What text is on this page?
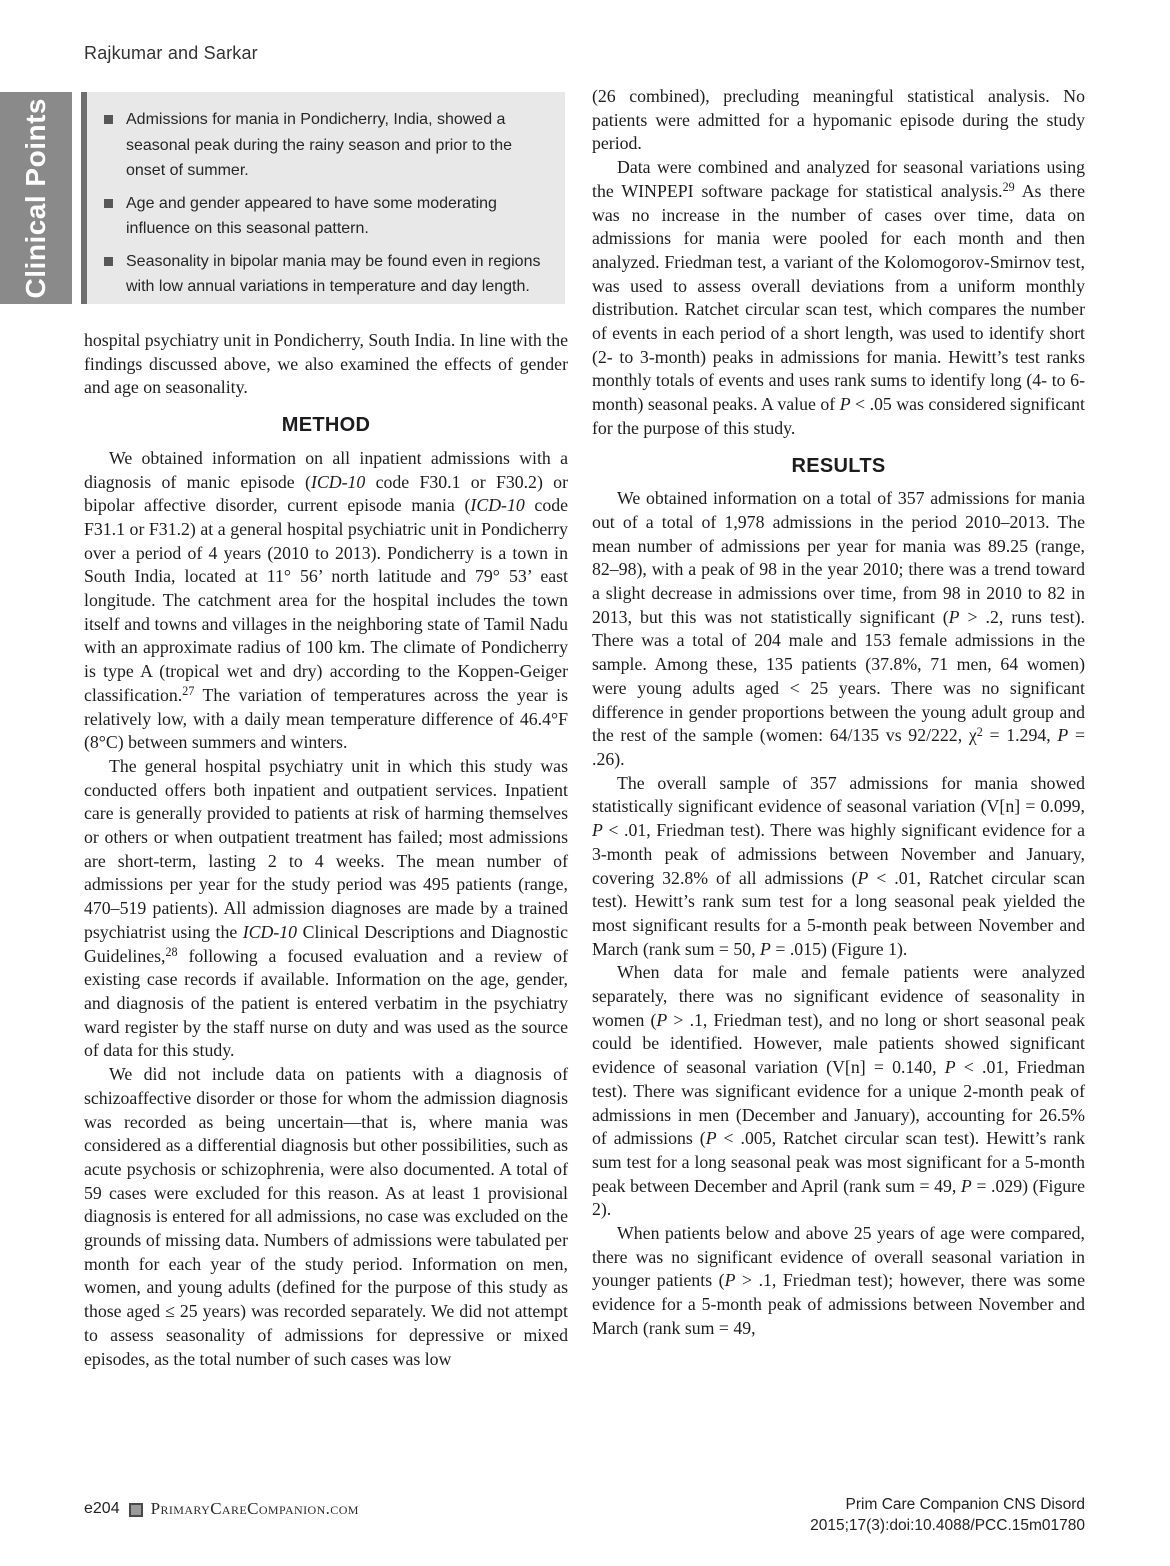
Rajkumar and Sarkar
Clinical Points	Admissions for mania in Pondicherry, India, showed a seasonal peak during the rainy season and prior to the onset of summer.
Age and gender appeared to have some moderating influence on this seasonal pattern.
Seasonality in bipolar mania may be found even in regions with low annual variations in temperature and day length.

hospital psychiatry unit in Pondicherry, South India. In line with the findings discussed above, we also examined the effects of gender and age on seasonality.

METHOD

We obtained information on all inpatient admissions with a diagnosis of manic episode (ICD-10 code F30.1 or F30.2) or bipolar affective disorder, current episode mania (ICD-10 code F31.1 or F31.2) at a general hospital psychiatric unit in Pondicherry over a period of 4 years (2010 to 2013). Pondicherry is a town in South India, located at 11° 56’ north latitude and 79° 53’ east longitude. The catchment area for the hospital includes the town itself and towns and villages in the neighboring state of Tamil Nadu with an approximate radius of 100 km. The climate of Pondicherry is type A (tropical wet and dry) according to the Koppen-Geiger classification.$^{27}$ The variation of temperatures across the year is relatively low, with a daily mean temperature difference of 46.4°F (8°C) between summers and winters.

The general hospital psychiatry unit in which this study was conducted offers both inpatient and outpatient services. Inpatient care is generally provided to patients at risk of harming themselves or others or when outpatient treatment has failed; most admissions are short-term, lasting 2 to 4 weeks. The mean number of admissions per year for the study period was 495 patients (range, 470–519 patients). All admission diagnoses are made by a trained psychiatrist using the ICD-10 Clinical Descriptions and Diagnostic Guidelines,$^{28}$ following a focused evaluation and a review of existing case records if available. Information on the age, gender, and diagnosis of the patient is entered verbatim in the psychiatry ward register by the staff nurse on duty and was used as the source of data for this study.

We did not include data on patients with a diagnosis of schizoaffective disorder or those for whom the admission diagnosis was recorded as being uncertain—that is, where mania was considered as a differential diagnosis but other possibilities, such as acute psychosis or schizophrenia, were also documented. A total of 59 cases were excluded for this reason. As at least 1 provisional diagnosis is entered for all admissions, no case was excluded on the grounds of missing data. Numbers of admissions were tabulated per month for each year of the study period. Information on men, women, and young adults (defined for the purpose of this study as those aged ≤ 25 years) was recorded separately. We did not attempt to assess seasonality of admissions for depressive or mixed episodes, as the total number of such cases was low

(26 combined), precluding meaningful statistical analysis. No patients were admitted for a hypomanic episode during the study period.

Data were combined and analyzed for seasonal variations using the WINPEPI software package for statistical analysis.$^{29}$ As there was no increase in the number of cases over time, data on admissions for mania were pooled for each month and then analyzed. Friedman test, a variant of the Kolomogorov-Smirnov test, was used to assess overall deviations from a uniform monthly distribution. Ratchet circular scan test, which compares the number of events in each period of a short length, was used to identify short (2- to 3-month) peaks in admissions for mania. Hewitt’s test ranks monthly totals of events and uses rank sums to identify long (4- to 6-month) seasonal peaks. A value of P < .05 was considered significant for the purpose of this study.

RESULTS

We obtained information on a total of 357 admissions for mania out of a total of 1,978 admissions in the period 2010–2013. The mean number of admissions per year for mania was 89.25 (range, 82–98), with a peak of 98 in the year 2010; there was a trend toward a slight decrease in admissions over time, from 98 in 2010 to 82 in 2013, but this was not statistically significant (P > .2, runs test). There was a total of 204 male and 153 female admissions in the sample. Among these, 135 patients (37.8%, 71 men, 64 women) were young adults aged < 25 years. There was no significant difference in gender proportions between the young adult group and the rest of the sample (women: 64/135 vs 92/222, $\chi^2 = 1.294$, P = .26).

The overall sample of 357 admissions for mania showed statistically significant evidence of seasonal variation (V[n] = 0.099, P < .01, Friedman test). There was highly significant evidence for a 3-month peak of admissions between November and January, covering 32.8% of all admissions (P < .01, Ratchet circular scan test). Hewitt’s rank sum test for a long seasonal peak yielded the most significant results for a 5-month peak between November and March (rank sum = 50, P = .015) (Figure 1).

When data for male and female patients were analyzed separately, there was no significant evidence of seasonality in women (P > .1, Friedman test), and no long or short seasonal peak could be identified. However, male patients showed significant evidence of seasonal variation (V[n] = 0.140, P < .01, Friedman test). There was significant evidence for a unique 2-month peak of admissions in men (December and January), accounting for 26.5% of admissions (P < .005, Ratchet circular scan test). Hewitt’s rank sum test for a long seasonal peak was most significant for a 5-month peak between December and April (rank sum = 49, P = .029) (Figure 2).

When patients below and above 25 years of age were compared, there was no significant evidence of overall seasonal variation in younger patients (P > .1, Friedman test); however, there was some evidence for a 5-month peak of admissions between November and March (rank sum = 49,

e204 PrimaryCareCompanion.com	Prim Care Companion CNS Disord
2015;17(3):doi:10.4088/PCC.15m01780
